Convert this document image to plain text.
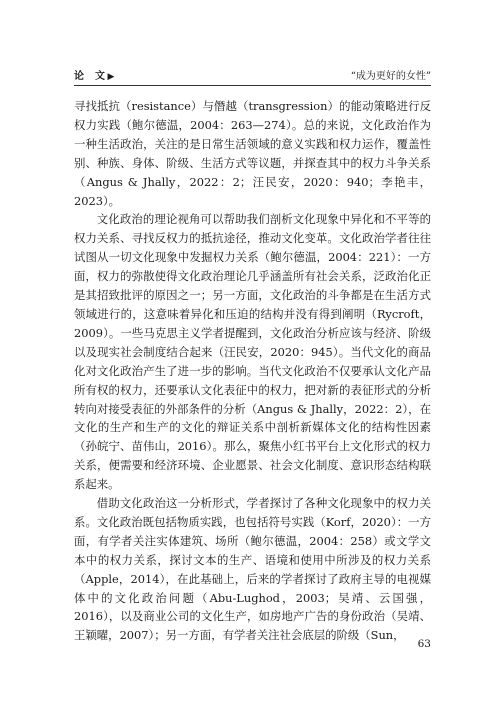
论　文 ▶	“成为更好的女性”

寻找抵抗（resistance）与僭越（transgression）的能动策略进行反权力实践（鲍尔德温，2004：263—274）。总的来说，文化政治作为一种生活政治，关注的是日常生活领域的意义实践和权力运作，覆盖性别、种族、身体、阶级、生活方式等议题，并探查其中的权力斗争关系（Angus & Jhally，2022：2；汪民安，2020：940；李艳丰，2023）。

文化政治的理论视角可以帮助我们剖析文化现象中异化和不平等的权力关系、寻找反权力的抵抗途径，推动文化变革。文化政治学者往往试图从一切文化现象中发掘权力关系（鲍尔德温，2004：221）：一方面，权力的弥散使得文化政治理论几乎涵盖所有社会关系，泛政治化正是其招致批评的原因之一；另一方面，文化政治的斗争都是在生活方式领域进行的，这意味着异化和压迫的结构并没有得到阐明（Rycroft，2009）。一些马克思主义学者提醒到，文化政治分析应该与经济、阶级以及现实社会制度结合起来（汪民安，2020：945）。当代文化的商品化对文化政治产生了进一步的影响。当代文化政治不仅要承认文化产品所有权的权力，还要承认文化表征中的权力，把对新的表征形式的分析转向对接受表征的外部条件的分析（Angus & Jhally，2022：2），在文化的生产和生产的文化的辩证关系中剖析新媒体文化的结构性因素（孙皖宁、苗伟山，2016）。那么，聚焦小红书平台上文化形式的权力关系，便需要和经济环境、企业愿景、社会文化制度、意识形态结构联系起来。

借助文化政治这一分析形式，学者探讨了各种文化现象中的权力关系。文化政治既包括物质实践，也包括符号实践（Korf，2020）：一方面，有学者关注实体建筑、场所（鲍尔德温，2004：258）或文学文本中的权力关系，探讨文本的生产、语境和使用中所涉及的权力关系（Apple，2014），在此基础上，后来的学者探讨了政府主导的电视媒体中的文化政治问题（Abu-Lughod，2003；吴靖、云国强，2016），以及商业公司的文化生产，如房地产广告的身份政治（吴靖、王颖曜，2007）；另一方面，有学者关注社会底层的阶级（Sun，

63
